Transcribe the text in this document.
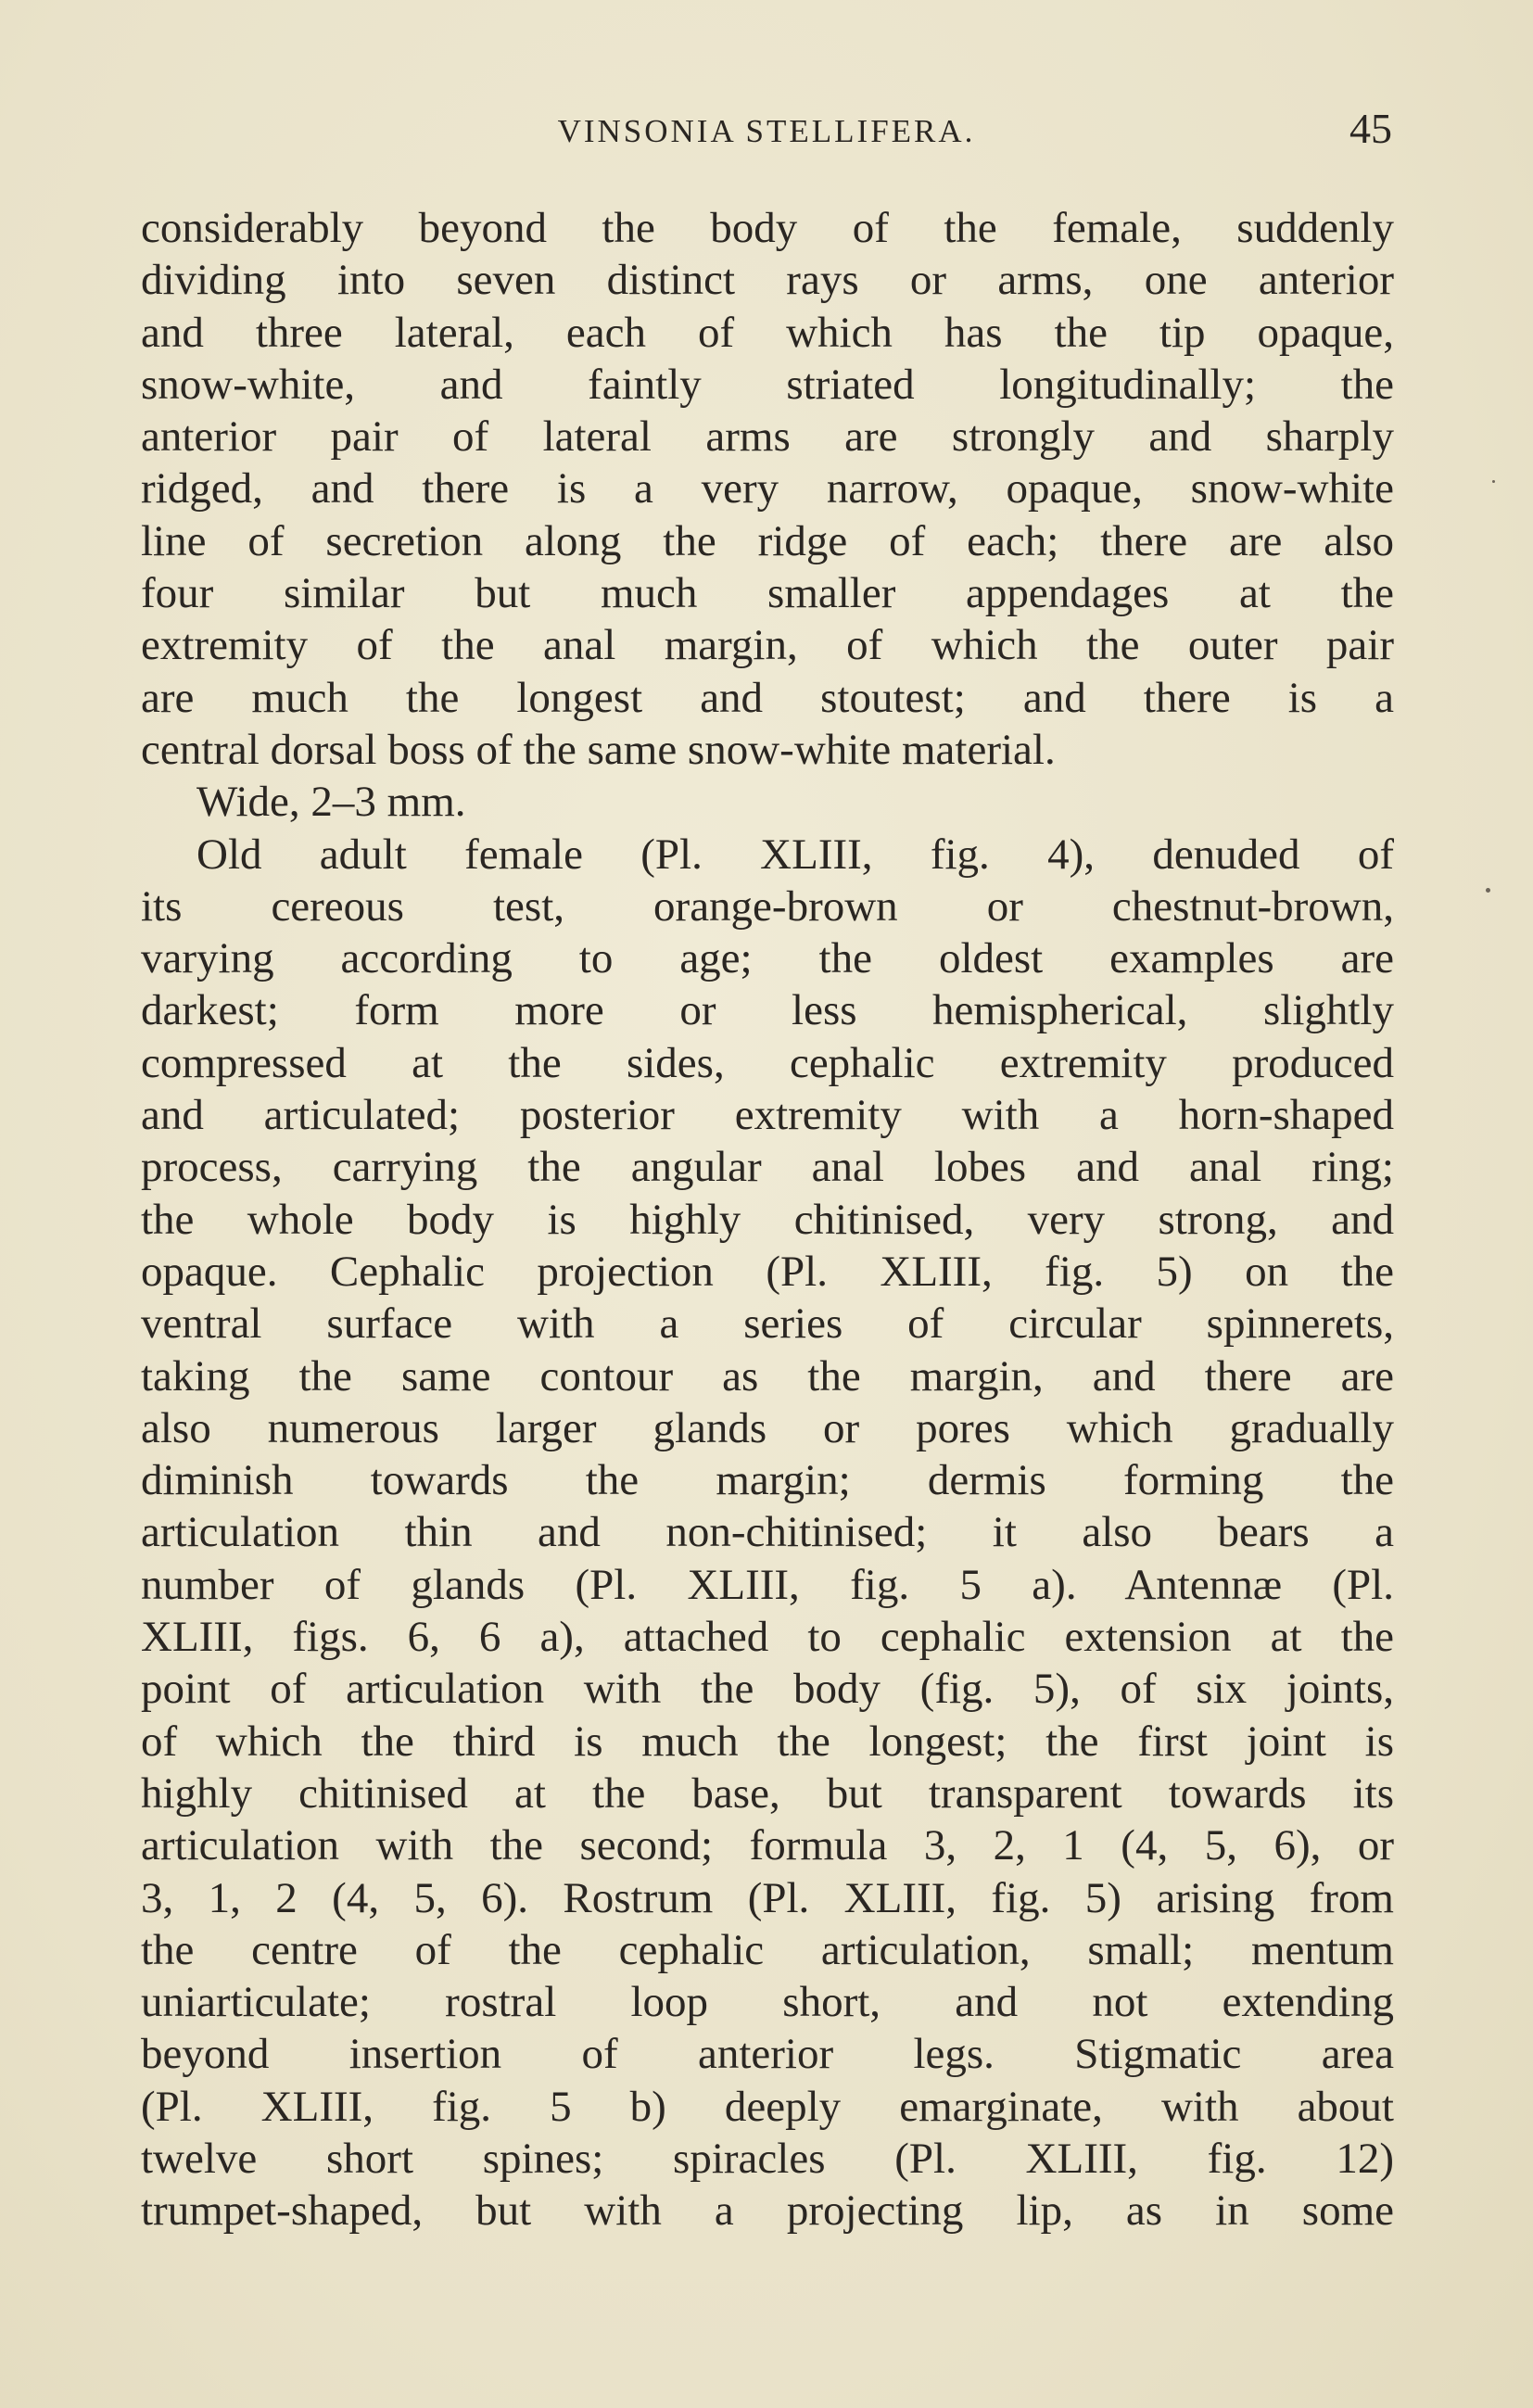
VINSONIA STELLIFERA.	45
considerably beyond the body of the female, suddenly
dividing into seven distinct rays or arms, one anterior
and three lateral, each of which has the tip opaque,
snow-white, and faintly striated longitudinally; the
anterior pair of lateral arms are strongly and sharply
ridged, and there is a very narrow, opaque, snow-white
line of secretion along the ridge of each; there are also
four similar but much smaller appendages at the
extremity of the anal margin, of which the outer pair
are much the longest and stoutest; and there is a
central dorsal boss of the same snow-white material.
Wide, 2–3 mm.
Old adult female (Pl. XLIII, fig. 4), denuded of
its cereous test, orange-brown or chestnut-brown,
varying according to age; the oldest examples are
darkest; form more or less hemispherical, slightly
compressed at the sides, cephalic extremity produced
and articulated; posterior extremity with a horn-shaped
process, carrying the angular anal lobes and anal ring;
the whole body is highly chitinised, very strong, and
opaque. Cephalic projection (Pl. XLIII, fig. 5) on the
ventral surface with a series of circular spinnerets,
taking the same contour as the margin, and there are
also numerous larger glands or pores which gradually
diminish towards the margin; dermis forming the
articulation thin and non-chitinised; it also bears a
number of glands (Pl. XLIII, fig. 5 a). Antennæ (Pl.
XLIII, figs. 6, 6 a), attached to cephalic extension at the
point of articulation with the body (fig. 5), of six joints,
of which the third is much the longest; the first joint is
highly chitinised at the base, but transparent towards its
articulation with the second; formula 3, 2, 1 (4, 5, 6), or
3, 1, 2 (4, 5, 6). Rostrum (Pl. XLIII, fig. 5) arising from
the centre of the cephalic articulation, small; mentum
uniarticulate; rostral loop short, and not extending
beyond insertion of anterior legs. Stigmatic area
(Pl. XLIII, fig. 5 b) deeply emarginate, with about
twelve short spines; spiracles (Pl. XLIII, fig. 12)
trumpet-shaped, but with a projecting lip, as in some
